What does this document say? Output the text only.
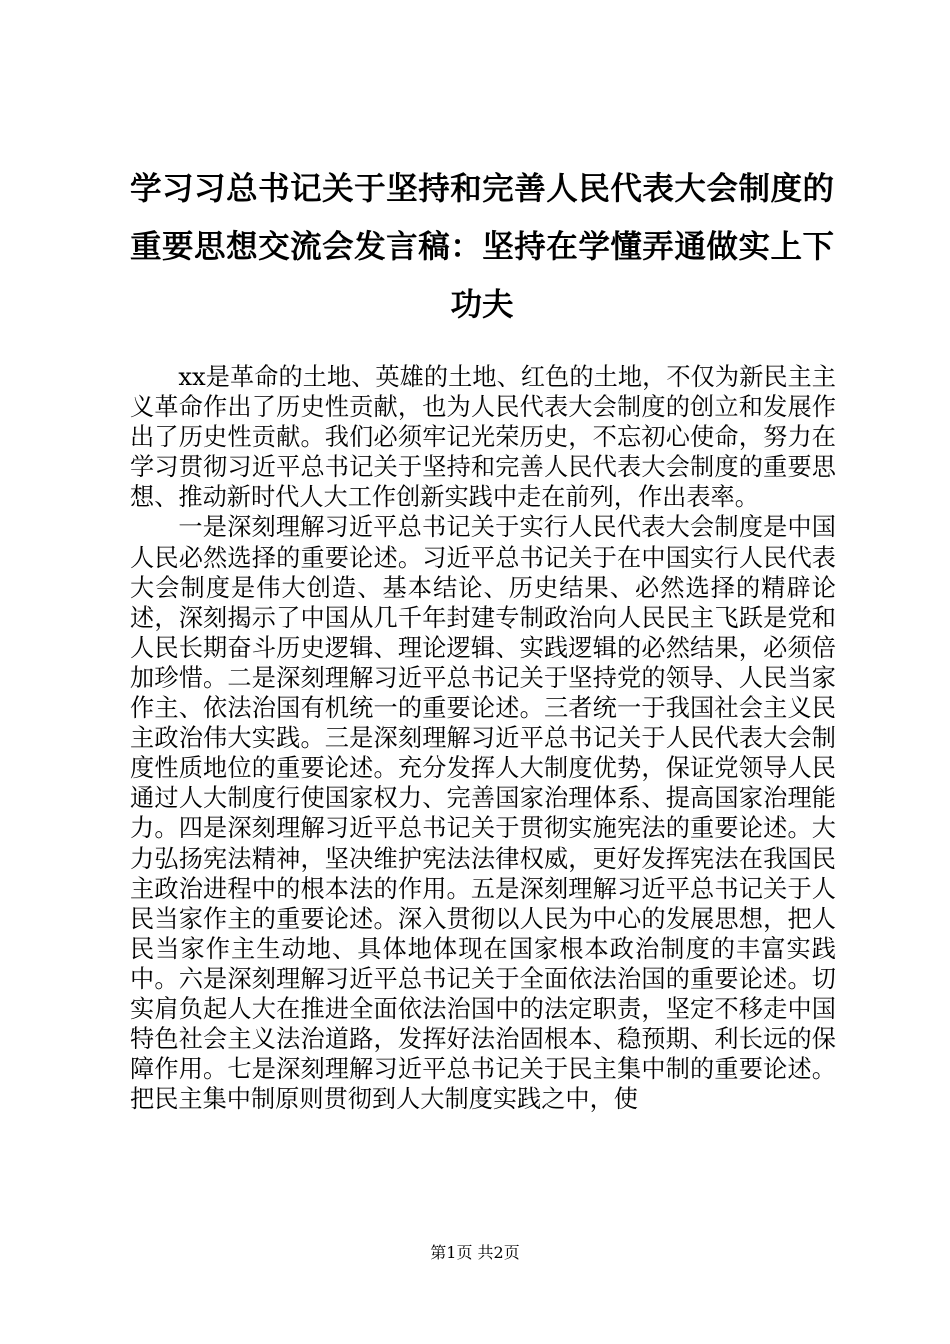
学习习总书记关于坚持和完善人民代表大会制度的重要思想交流会发言稿：坚持在学懂弄通做实上下功夫

xx是革命的土地、英雄的土地、红色的土地，不仅为新民主主义革命作出了历史性贡献，也为人民代表大会制度的创立和发展作出了历史性贡献。我们必须牢记光荣历史，不忘初心使命，努力在学习贯彻习近平总书记关于坚持和完善人民代表大会制度的重要思想、推动新时代人大工作创新实践中走在前列，作出表率。

一是深刻理解习近平总书记关于实行人民代表大会制度是中国人民必然选择的重要论述。习近平总书记关于在中国实行人民代表大会制度是伟大创造、基本结论、历史结果、必然选择的精辟论述，深刻揭示了中国从几千年封建专制政治向人民民主飞跃是党和人民长期奋斗历史逻辑、理论逻辑、实践逻辑的必然结果，必须倍加珍惜。二是深刻理解习近平总书记关于坚持党的领导、人民当家作主、依法治国有机统一的重要论述。三者统一于我国社会主义民主政治伟大实践。三是深刻理解习近平总书记关于人民代表大会制度性质地位的重要论述。充分发挥人大制度优势，保证党领导人民通过人大制度行使国家权力、完善国家治理体系、提高国家治理能力。四是深刻理解习近平总书记关于贯彻实施宪法的重要论述。大力弘扬宪法精神，坚决维护宪法法律权威，更好发挥宪法在我国民主政治进程中的根本法的作用。五是深刻理解习近平总书记关于人民当家作主的重要论述。深入贯彻以人民为中心的发展思想，把人民当家作主生动地、具体地体现在国家根本政治制度的丰富实践中。六是深刻理解习近平总书记关于全面依法治国的重要论述。切实肩负起人大在推进全面依法治国中的法定职责，坚定不移走中国特色社会主义法治道路，发挥好法治固根本、稳预期、利长远的保障作用。七是深刻理解习近平总书记关于民主集中制的重要论述。把民主集中制原则贯彻到人大制度实践之中，使

第1页 共2页
